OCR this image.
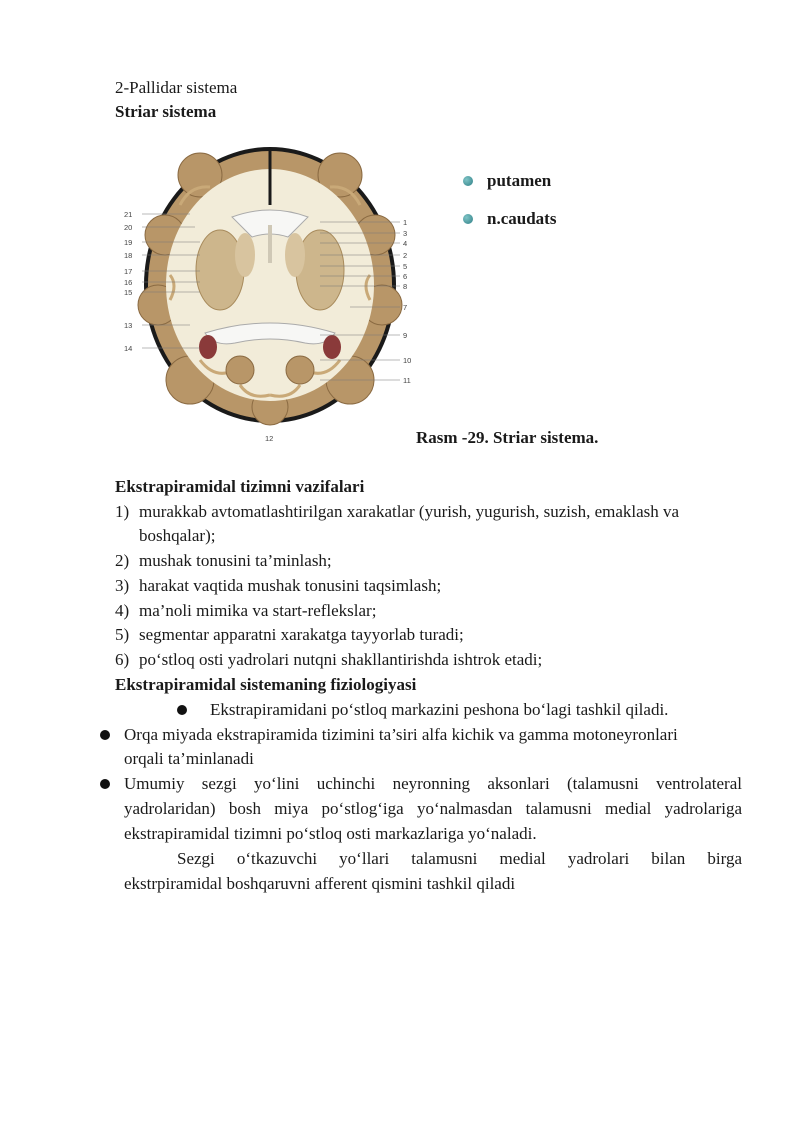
2-Pallidar sistema
Striar sistema
21
20
19
18
17
16
15
13
14
1
3
4
2
5
6
8
7
9
10
11
12
putamen
n.caudats
Rasm -29. Striar sistema.
Ekstrapiramidal tizimni vazifalari
1) murakkab avtomatlashtirilgan xarakatlar (yurish, yugurish, suzish, emaklash va
boshqalar);
2) mushak tonusini ta’minlash;
3) harakat vaqtida mushak tonusini taqsimlash;
4) ma’noli mimika va start-reflekslar;
5) segmentar apparatni xarakatga tayyorlab turadi;
6) po‘stloq osti yadrolari nutqni shakllantirishda ishtrok etadi;
Ekstrapiramidal sistemaning fiziologiyasi
Ekstrapiramidani po‘stloq markazini peshona bo‘lagi tashkil qiladi.
Orqa miyada ekstrapiramida tizimini ta’siri alfa kichik va gamma motoneyronlari
orqali ta’minlanadi
Umumiy sezgi yo‘lini uchinchi neyronning aksonlari (talamusni ventrolateral
yadrolaridan) bosh miya po‘stlog‘iga yo‘nalmasdan talamusni medial yadrolariga
ekstrapiramidal tizimni po‘stloq osti markazlariga yo‘naladi.
Sezgi o‘tkazuvchi yo‘llari talamusni medial yadrolari bilan birga
ekstrpiramidal boshqaruvni afferent qismini tashkil qiladi
